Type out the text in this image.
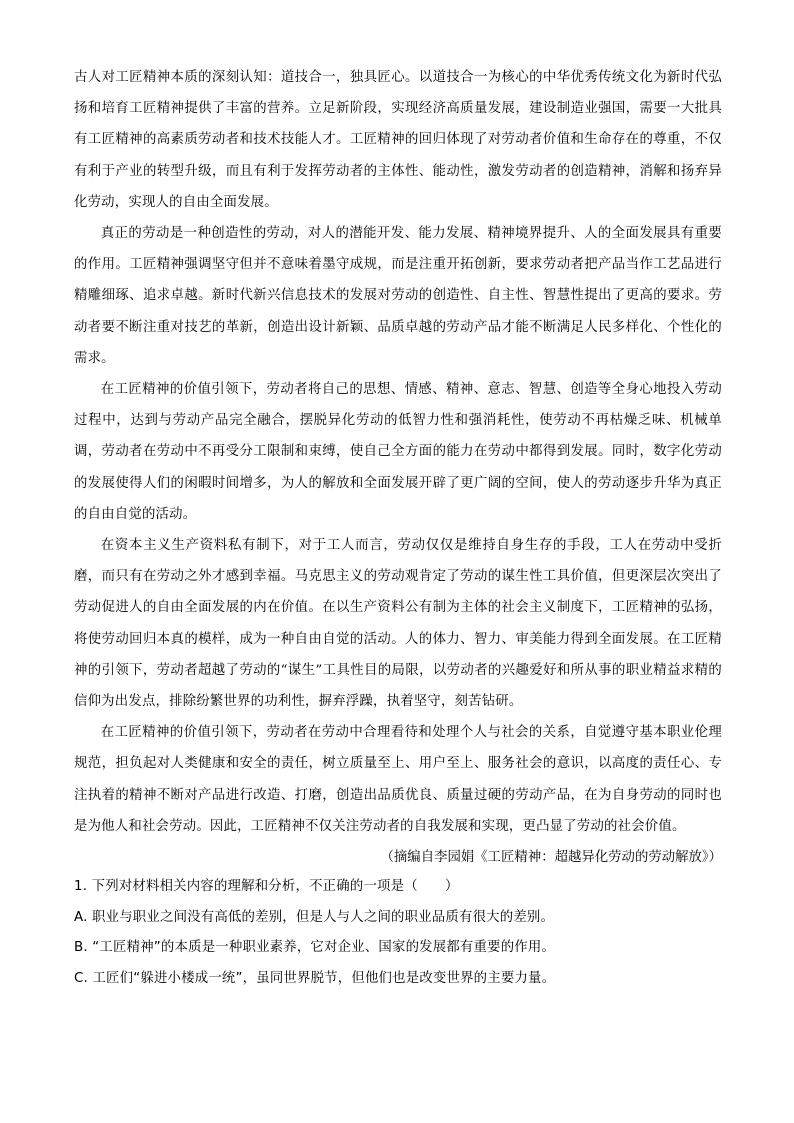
古人对工匠精神本质的深刻认知：道技合一，独具匠心。以道技合一为核心的中华优秀传统文化为新时代弘扬和培育工匠精神提供了丰富的营养。立足新阶段，实现经济高质量发展，建设制造业强国，需要一大批具有工匠精神的高素质劳动者和技术技能人才。工匠精神的回归体现了对劳动者价值和生命存在的尊重，不仅有利于产业的转型升级，而且有利于发挥劳动者的主体性、能动性，激发劳动者的创造精神，消解和扬弃异化劳动，实现人的自由全面发展。

真正的劳动是一种创造性的劳动，对人的潜能开发、能力发展、精神境界提升、人的全面发展具有重要的作用。工匠精神强调坚守但并不意味着墨守成规，而是注重开拓创新，要求劳动者把产品当作工艺品进行精雕细琢、追求卓越。新时代新兴信息技术的发展对劳动的创造性、自主性、智慧性提出了更高的要求。劳动者要不断注重对技艺的革新，创造出设计新颖、品质卓越的劳动产品才能不断满足人民多样化、个性化的需求。

在工匠精神的价值引领下，劳动者将自己的思想、情感、精神、意志、智慧、创造等全身心地投入劳动过程中，达到与劳动产品完全融合，摆脱异化劳动的低智力性和强消耗性，使劳动不再枯燥乏味、机械单调，劳动者在劳动中不再受分工限制和束缚，使自己全方面的能力在劳动中都得到发展。同时，数字化劳动的发展使得人们的闲暇时间增多，为人的解放和全面发展开辟了更广阔的空间，使人的劳动逐步升华为真正的自由自觉的活动。

在资本主义生产资料私有制下，对于工人而言，劳动仅仅是维持自身生存的手段，工人在劳动中受折磨，而只有在劳动之外才感到幸福。马克思主义的劳动观肯定了劳动的谋生性工具价值，但更深层次突出了劳动促进人的自由全面发展的内在价值。在以生产资料公有制为主体的社会主义制度下，工匠精神的弘扬，将使劳动回归本真的模样，成为一种自由自觉的活动。人的体力、智力、审美能力得到全面发展。在工匠精神的引领下，劳动者超越了劳动的“谋生”工具性目的局限，以劳动者的兴趣爱好和所从事的职业精益求精的信仰为出发点，排除纷繁世界的功利性，摒弃浮躁，执着坚守，刻苦钻研。

在工匠精神的价值引领下，劳动者在劳动中合理看待和处理个人与社会的关系，自觉遵守基本职业伦理规范，担负起对人类健康和安全的责任，树立质量至上、用户至上、服务社会的意识，以高度的责任心、专注执着的精神不断对产品进行改造、打磨，创造出品质优良、质量过硬的劳动产品，在为自身劳动的同时也是为他人和社会劳动。因此，工匠精神不仅关注劳动者的自我发展和实现，更凸显了劳动的社会价值。

（摘编自李园娟《工匠精神：超越异化劳动的劳动解放》）

1. 下列对材料相关内容的理解和分析，不正确的一项是（　　）

A. 职业与职业之间没有高低的差别，但是人与人之间的职业品质有很大的差别。

B. “工匠精神”的本质是一种职业素养，它对企业、国家的发展都有重要的作用。

C. 工匠们“躲进小楼成一统”，虽同世界脱节，但他们也是改变世界的主要力量。
